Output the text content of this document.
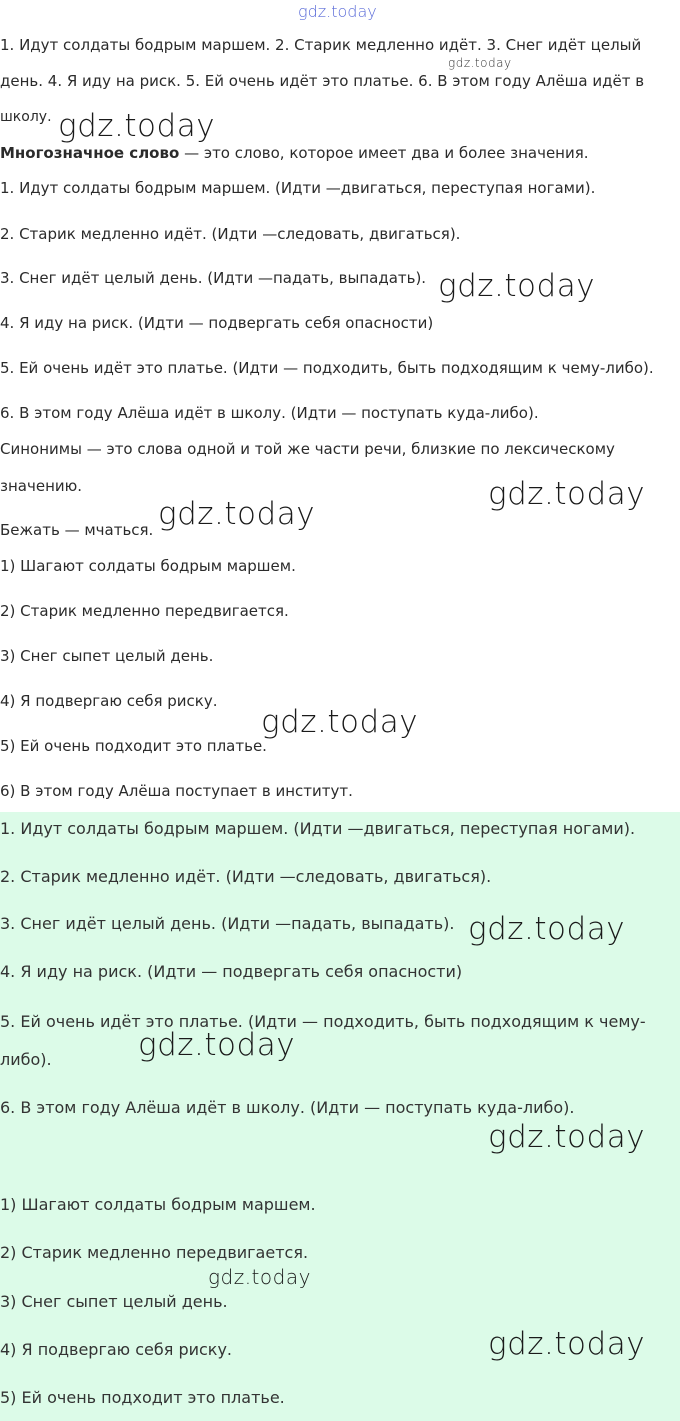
gdz.today
gdz.today
1. Идут солдаты бодрым маршем. 2. Старик медленно идёт. 3. Снег идёт целый
день. 4. Я иду на риск. 5. Ей очень идёт это платье. 6. В этом году Алёша идёт в
школу. gdz.today
Многозначное слово — это слово, которое имеет два и более значения.
1. Идут солдаты бодрым маршем. (Идти —двигаться, переступая ногами).
2. Старик медленно идёт. (Идти —следовать, двигаться).
3. Снег идёт целый день. (Идти —падать, выпадать). gdz.today
4. Я иду на риск. (Идти — подвергать себя опасности)
5. Ей очень идёт это платье. (Идти — подходить, быть подходящим к чему-либо).
6. В этом году Алёша идёт в школу. (Идти — поступать куда-либо).
Синонимы — это слова одной и той же части речи, близкие по лексическому
значению.	gdz.today
Бежать — мчаться. gdz.today
1) Шагают солдаты бодрым маршем.
2) Старик медленно передвигается.
3) Снег сыпет целый день.
4) Я подвергаю себя риску.
gdz.today
5) Ей очень подходит это платье.
6) В этом году Алёша поступает в институт.
1. Идут солдаты бодрым маршем. (Идти —двигаться, переступая ногами).
2. Старик медленно идёт. (Идти —следовать, двигаться).
3. Снег идёт целый день. (Идти —падать, выпадать). gdz.today
4. Я иду на риск. (Идти — подвергать себя опасности)
5. Ей очень идёт это платье. (Идти — подходить, быть подходящим к чему-
gdz.today
либо).
6. В этом году Алёша идёт в школу. (Идти — поступать куда-либо).
gdz.today
1) Шагают солдаты бодрым маршем.
2) Старик медленно передвигается.
gdz.today
3) Снег сыпет целый день.
4) Я подвергаю себя риску.	gdz.today
5) Ей очень подходит это платье.
